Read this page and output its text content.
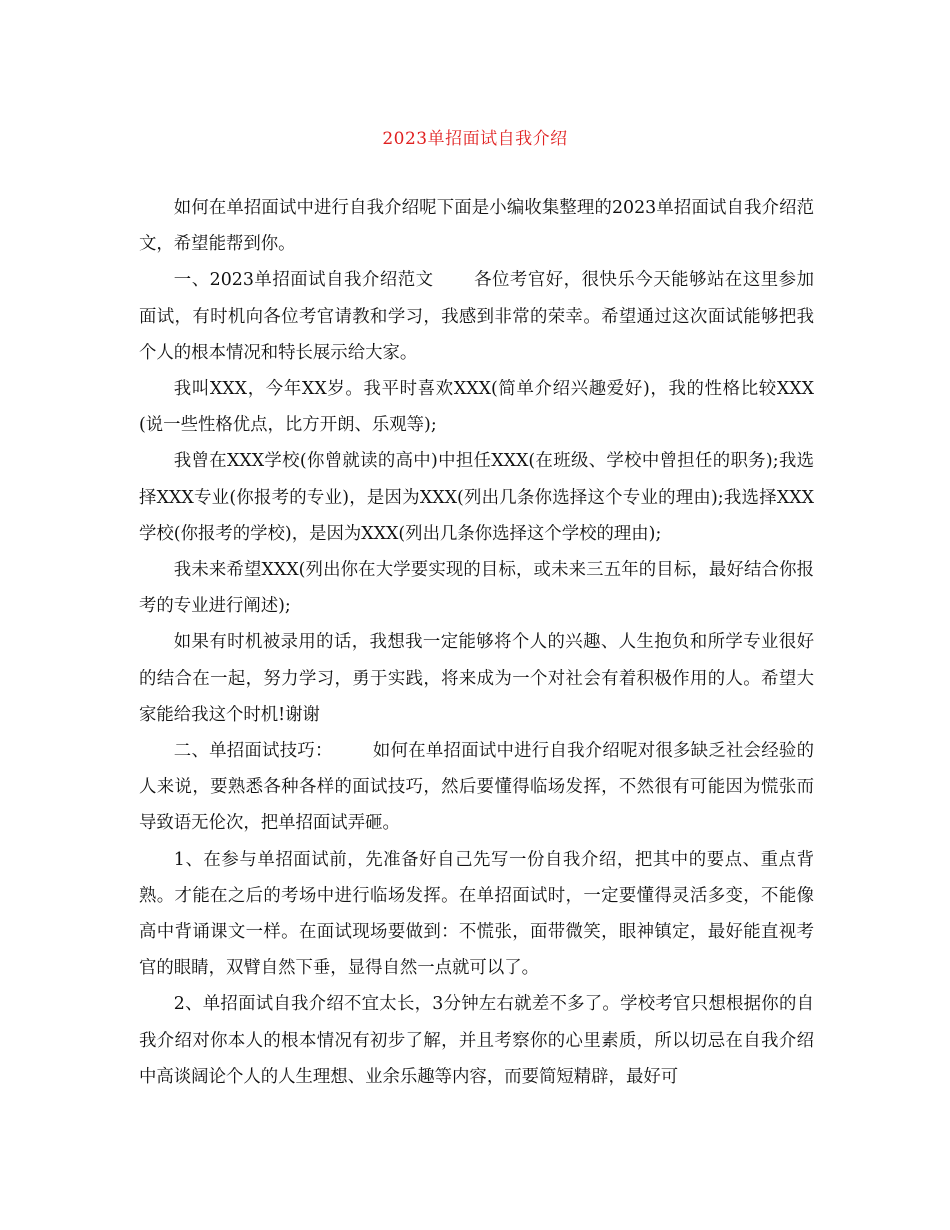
2023单招面试自我介绍

如何在单招面试中进行自我介绍呢下面是小编收集整理的2023单招面试自我介绍范文，希望能帮到你。

一、2023单招面试自我介绍范文 各位考官好，很快乐今天能够站在这里参加面试，有时机向各位考官请教和学习，我感到非常的荣幸。希望通过这次面试能够把我个人的根本情况和特长展示给大家。

我叫XXX，今年XX岁。我平时喜欢XXX(简单介绍兴趣爱好)，我的性格比较XXX(说一些性格优点，比方开朗、乐观等);

我曾在XXX学校(你曾就读的高中)中担任XXX(在班级、学校中曾担任的职务);我选择XXX专业(你报考的专业)，是因为XXX(列出几条你选择这个专业的理由);我选择XXX学校(你报考的学校)，是因为XXX(列出几条你选择这个学校的理由);

我未来希望XXX(列出你在大学要实现的目标，或未来三五年的目标，最好结合你报考的专业进行阐述);

如果有时机被录用的话，我想我一定能够将个人的兴趣、人生抱负和所学专业很好的结合在一起，努力学习，勇于实践，将来成为一个对社会有着积极作用的人。希望大家能给我这个时机!谢谢

二、单招面试技巧： 如何在单招面试中进行自我介绍呢对很多缺乏社会经验的人来说，要熟悉各种各样的面试技巧，然后要懂得临场发挥，不然很有可能因为慌张而导致语无伦次，把单招面试弄砸。

1、在参与单招面试前，先准备好自己先写一份自我介绍，把其中的要点、重点背熟。才能在之后的考场中进行临场发挥。在单招面试时，一定要懂得灵活多变，不能像高中背诵课文一样。在面试现场要做到：不慌张，面带微笑，眼神镇定，最好能直视考官的眼睛，双臂自然下垂，显得自然一点就可以了。

2、单招面试自我介绍不宜太长，3分钟左右就差不多了。学校考官只想根据你的自我介绍对你本人的根本情况有初步了解，并且考察你的心里素质，所以切忌在自我介绍中高谈阔论个人的人生理想、业余乐趣等内容，而要简短精辟，最好可
